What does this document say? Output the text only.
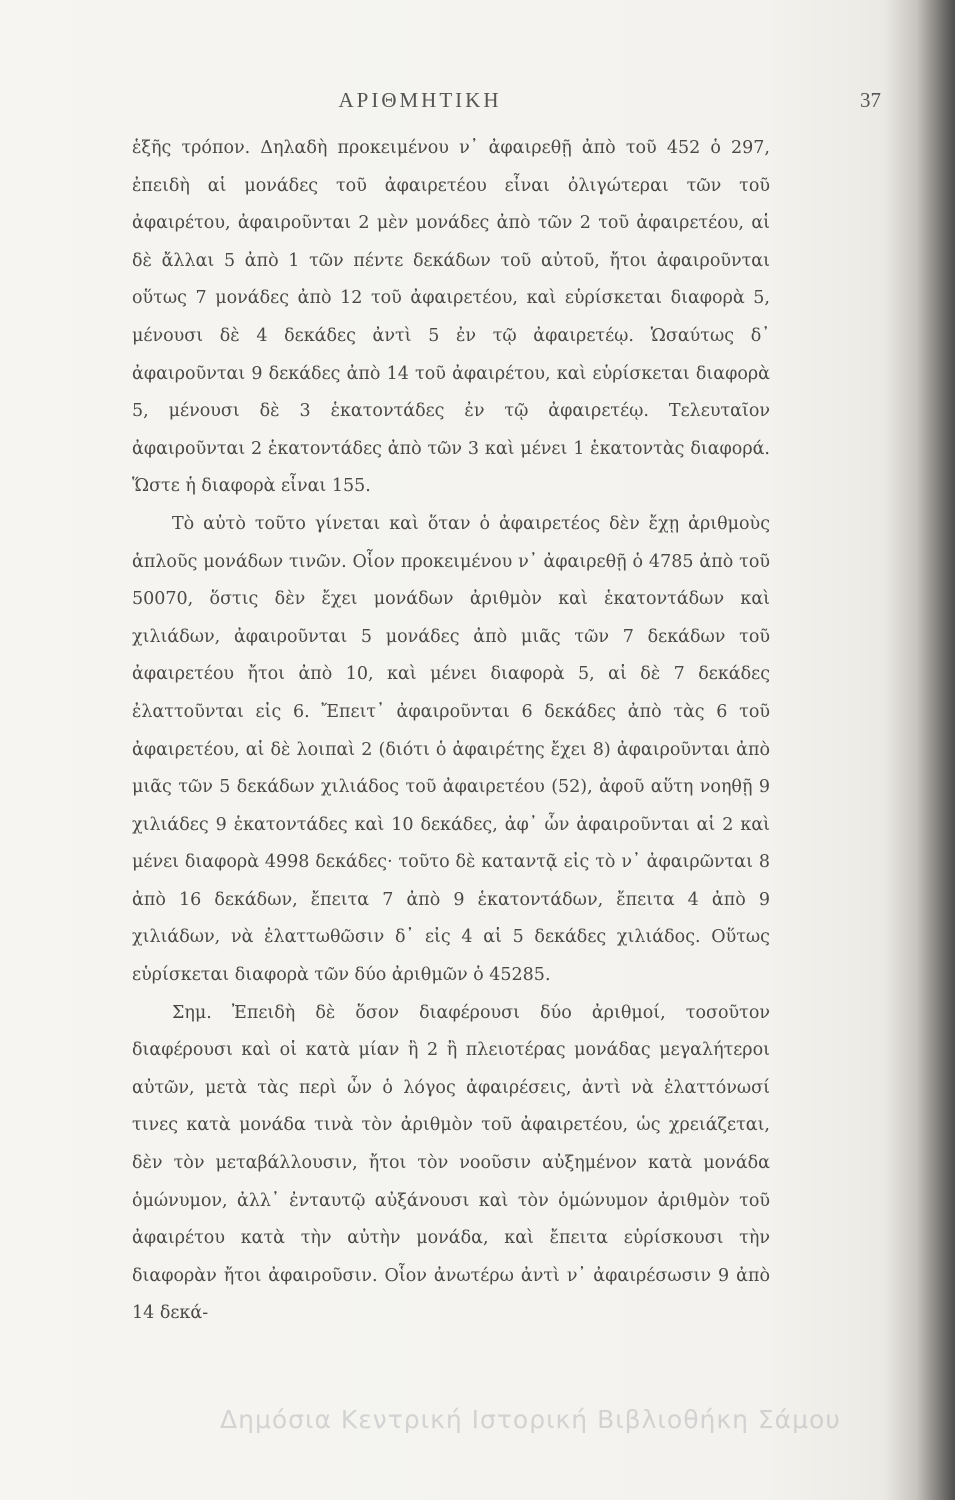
ΑΡΙΘΜΗΤΙΚΗ	37

ἑξῆς τρόπον. Δηλαδὴ προκειμένου ν᾽ ἀφαιρεθῇ ἀπὸ τοῦ 452 ὁ 297, ἐπειδὴ αἱ μονάδες τοῦ ἀφαιρετέου εἶναι ὀλιγώτεραι τῶν τοῦ ἀφαιρέτου, ἀφαιροῦνται 2 μὲν μονάδες ἀπὸ τῶν 2 τοῦ ἀφαιρετέου, αἱ δὲ ἄλλαι 5 ἀπὸ 1 τῶν πέντε δεκάδων τοῦ αὐτοῦ, ἤτοι ἀφαιροῦνται οὕτως 7 μονάδες ἀπὸ 12 τοῦ ἀφαιρετέου, καὶ εὑρίσκεται διαφορὰ 5, μένουσι δὲ 4 δεκάδες ἀντὶ 5 ἐν τῷ ἀφαιρετέῳ. Ὡσαύτως δ᾽ ἀφαιροῦνται 9 δεκάδες ἀπὸ 14 τοῦ ἀφαιρέτου, καὶ εὑρίσκεται διαφορὰ 5, μένουσι δὲ 3 ἑκατοντάδες ἐν τῷ ἀφαιρετέῳ. Τελευταῖον ἀφαιροῦνται 2 ἑκατοντάδες ἀπὸ τῶν 3 καὶ μένει 1 ἑκατοντὰς διαφορά. Ὥστε ἡ διαφορὰ εἶναι 155.

Τὸ αὐτὸ τοῦτο γίνεται καὶ ὅταν ὁ ἀφαιρετέος δὲν ἔχῃ ἀριθμοὺς ἁπλοῦς μονάδων τινῶν. Οἷον προκειμένου ν᾽ ἀφαιρεθῇ ὁ 4785 ἀπὸ τοῦ 50070, ὅστις δὲν ἔχει μονάδων ἀριθμὸν καὶ ἑκατοντάδων καὶ χιλιάδων, ἀφαιροῦνται 5 μονάδες ἀπὸ μιᾶς τῶν 7 δεκάδων τοῦ ἀφαιρετέου ἤτοι ἀπὸ 10, καὶ μένει διαφορὰ 5, αἱ δὲ 7 δεκάδες ἐλαττοῦνται εἰς 6. Ἔπειτ᾽ ἀφαιροῦνται 6 δεκάδες ἀπὸ τὰς 6 τοῦ ἀφαιρετέου, αἱ δὲ λοιπαὶ 2 (διότι ὁ ἀφαιρέτης ἔχει 8) ἀφαιροῦνται ἀπὸ μιᾶς τῶν 5 δεκάδων χιλιάδος τοῦ ἀφαιρετέου (52), ἀφοῦ αὕτη νοηθῇ 9 χιλιάδες 9 ἑκατοντάδες καὶ 10 δεκάδες, ἀφ᾽ ὧν ἀφαιροῦνται αἱ 2 καὶ μένει διαφορὰ 4998 δεκάδες· τοῦτο δὲ καταντᾷ εἰς τὸ ν᾽ ἀφαιρῶνται 8 ἀπὸ 16 δεκάδων, ἔπειτα 7 ἀπὸ 9 ἑκατοντάδων, ἔπειτα 4 ἀπὸ 9 χιλιάδων, νὰ ἐλαττωθῶσιν δ᾽ εἰς 4 αἱ 5 δεκάδες χιλιάδος. Οὕτως εὑρίσκεται διαφορὰ τῶν δύο ἀριθμῶν ὁ 45285.

Σημ. Ἐπειδὴ δὲ ὅσον διαφέρουσι δύο ἀριθμοί, τοσοῦτον διαφέρουσι καὶ οἱ κατὰ μίαν ἢ 2 ἢ πλειοτέρας μονάδας μεγαλήτεροι αὐτῶν, μετὰ τὰς περὶ ὧν ὁ λόγος ἀφαιρέσεις, ἀντὶ νὰ ἐλαττόνωσί τινες κατὰ μονάδα τινὰ τὸν ἀριθμὸν τοῦ ἀφαιρετέου, ὡς χρειάζεται, δὲν τὸν μεταβάλλουσιν, ἤτοι τὸν νοοῦσιν αὐξημένον κατὰ μονάδα ὁμώνυμον, ἀλλ᾽ ἐνταυτῷ αὐξάνουσι καὶ τὸν ὁμώνυμον ἀριθμὸν τοῦ ἀφαιρέτου κατὰ τὴν αὐτὴν μονάδα, καὶ ἔπειτα εὑρίσκουσι τὴν διαφορὰν ἤτοι ἀφαιροῦσιν. Οἷον ἀνωτέρω ἀντὶ ν᾽ ἀφαιρέσωσιν 9 ἀπὸ 14 δεκά-

Δημόσια Κεντρική Ιστορική Βιβλιοθήκη Σάμου
